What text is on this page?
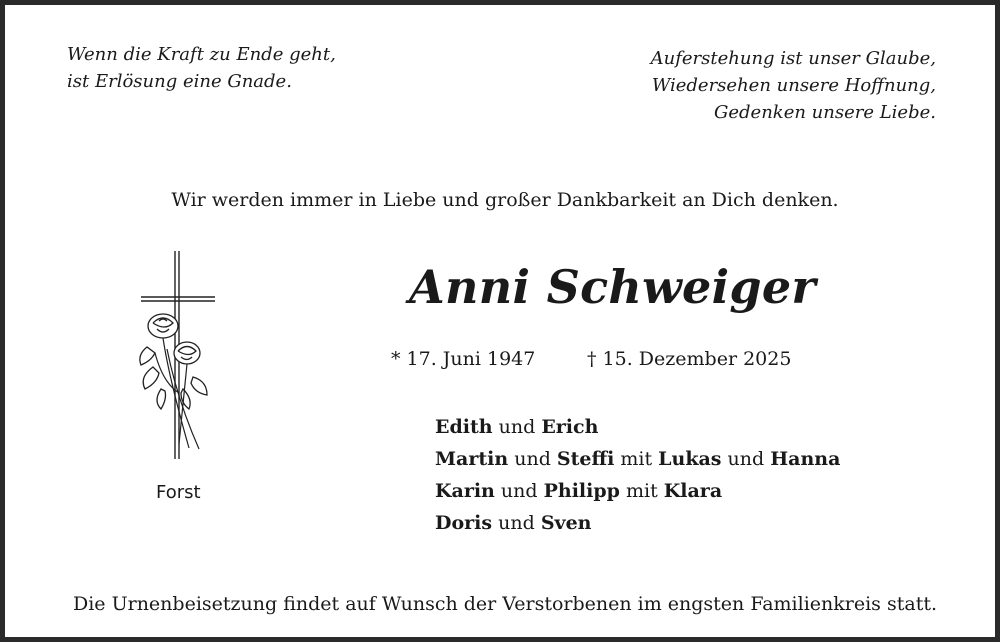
Wenn die Kraft zu Ende geht,
ist Erlösung eine Gnade.
Auferstehung ist unser Glaube,
Wiedersehen unsere Hoffnung,
Gedenken unsere Liebe.
Wir werden immer in Liebe und großer Dankbarkeit an Dich denken.
Anni Schweiger
* 17. Juni 1947	† 15. Dezember 2025
Forst
Edith und Erich
Martin und Steffi mit Lukas und Hanna
Karin und Philipp mit Klara
Doris und Sven
Die Urnenbeisetzung findet auf Wunsch der Verstorbenen im engsten Familienkreis statt.
